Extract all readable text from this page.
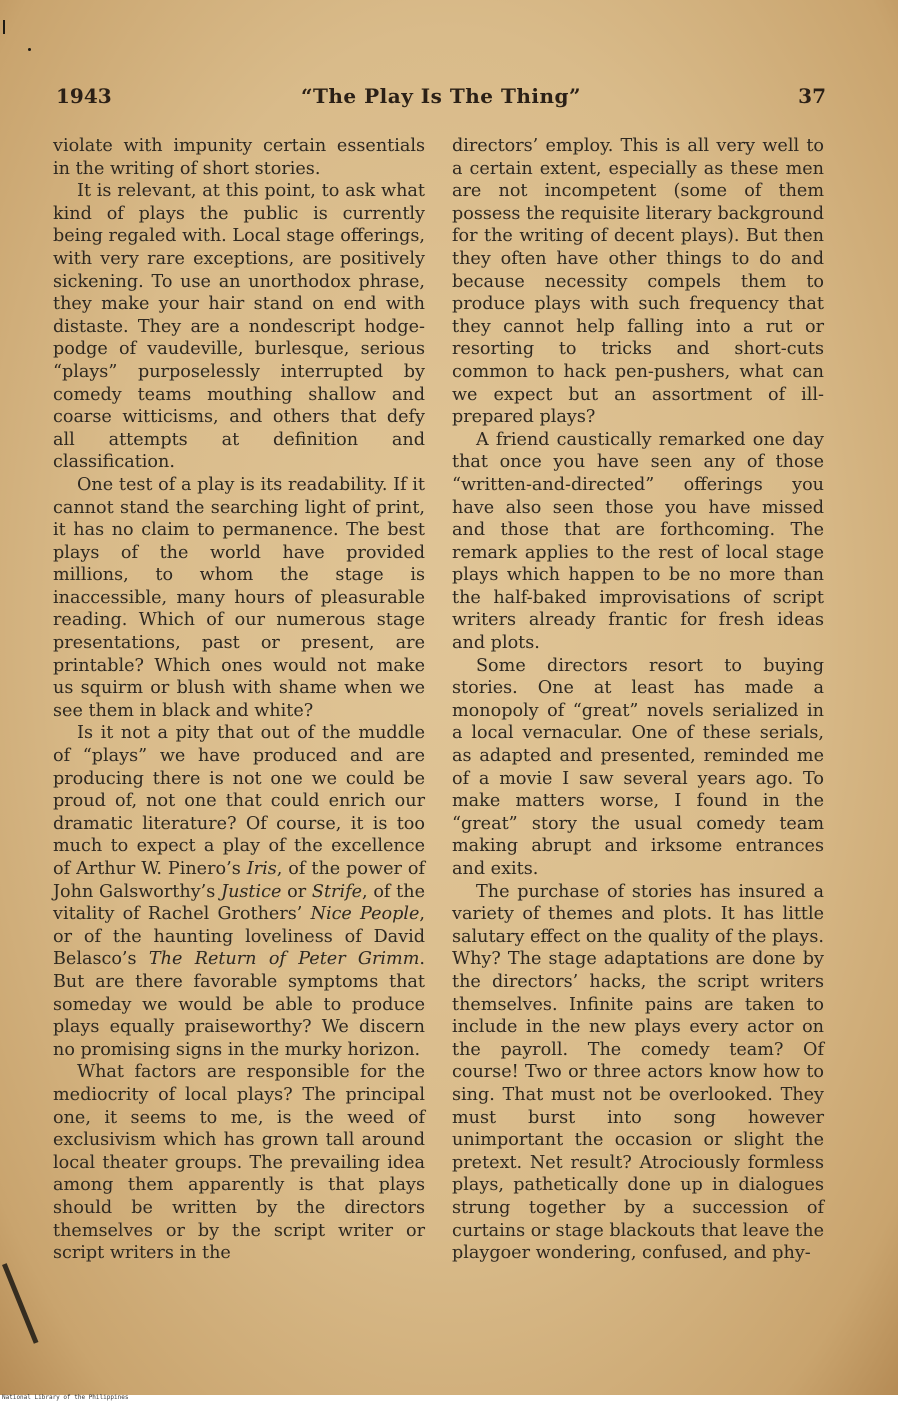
1943	“The Play Is The Thing”	37

violate with impunity certain essentials in the writing of short stories.

It is relevant, at this point, to ask what kind of plays the public is currently being regaled with. Local stage offerings, with very rare exceptions, are positively sickening. To use an unorthodox phrase, they make your hair stand on end with distaste. They are a nondescript hodge-podge of vaudeville, burlesque, serious “plays” purposelessly interrupted by comedy teams mouthing shallow and coarse witticisms, and others that defy all attempts at definition and classification.

One test of a play is its readability. If it cannot stand the searching light of print, it has no claim to permanence. The best plays of the world have provided millions, to whom the stage is inaccessible, many hours of pleasurable reading. Which of our numerous stage presentations, past or present, are printable? Which ones would not make us squirm or blush with shame when we see them in black and white?

Is it not a pity that out of the muddle of “plays” we have produced and are producing there is not one we could be proud of, not one that could enrich our dramatic literature? Of course, it is too much to expect a play of the excellence of Arthur W. Pinero’s Iris, of the power of John Galsworthy’s Justice or Strife, of the vitality of Rachel Grothers’ Nice People, or of the haunting loveliness of David Belasco’s The Return of Peter Grimm. But are there favorable symptoms that someday we would be able to produce plays equally praiseworthy? We discern no promising signs in the murky horizon.

What factors are responsible for the mediocrity of local plays? The principal one, it seems to me, is the weed of exclusivism which has grown tall around local theater groups. The prevailing idea among them apparently is that plays should be written by the directors themselves or by the script writer or script writers in the

directors’ employ. This is all very well to a certain extent, especially as these men are not incompetent (some of them possess the requisite literary background for the writing of decent plays). But then they often have other things to do and because necessity compels them to produce plays with such frequency that they cannot help falling into a rut or resorting to tricks and short-cuts common to hack pen-pushers, what can we expect but an assortment of ill-prepared plays?

A friend caustically remarked one day that once you have seen any of those “written-and-directed” offerings you have also seen those you have missed and those that are forthcoming. The remark applies to the rest of local stage plays which happen to be no more than the half-baked improvisations of script writers already frantic for fresh ideas and plots.

Some directors resort to buying stories. One at least has made a monopoly of “great” novels serialized in a local vernacular. One of these serials, as adapted and presented, reminded me of a movie I saw several years ago. To make matters worse, I found in the “great” story the usual comedy team making abrupt and irksome entrances and exits.

The purchase of stories has insured a variety of themes and plots. It has little salutary effect on the quality of the plays. Why? The stage adaptations are done by the directors’ hacks, the script writers themselves. Infinite pains are taken to include in the new plays every actor on the payroll. The comedy team? Of course! Two or three actors know how to sing. That must not be overlooked. They must burst into song however unimportant the occasion or slight the pretext. Net result? Atrociously formless plays, pathetically done up in dialogues strung together by a succession of curtains or stage blackouts that leave the playgoer wondering, confused, and phy-

National Library of the Philippines
